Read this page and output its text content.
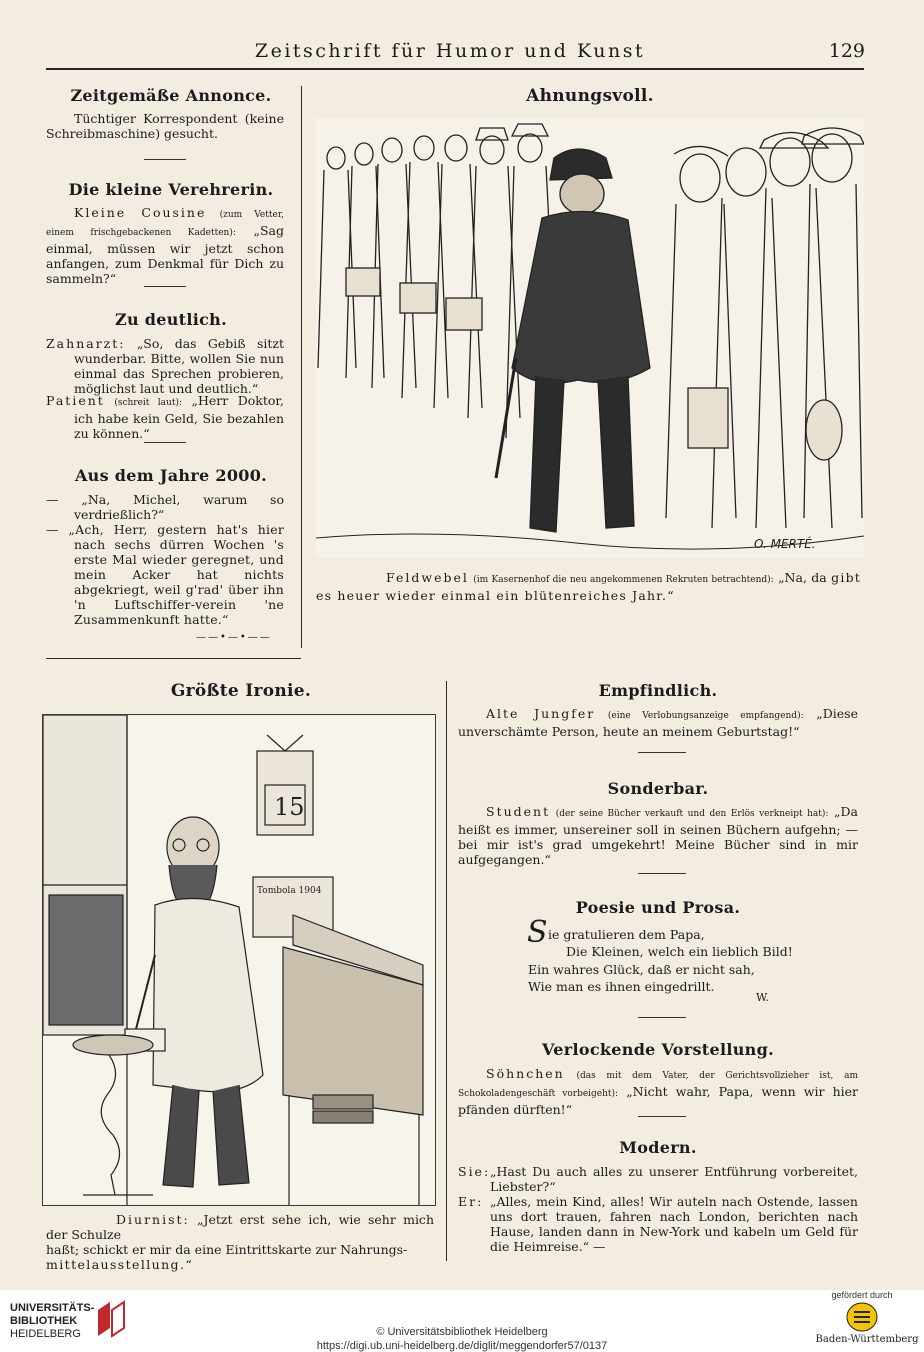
Zeitschrift für Humor und Kunst	129
Zeitgemäße Annonce.
Tüchtiger Korrespondent (keine Schreibmaschine) gesucht.
Die kleine Verehrerin.
Kleine Cousine (zum Vetter, einem frischgebackenen Kadetten): „Sag einmal, müssen wir jetzt schon anfangen, zum Denkmal für Dich zu sammeln?“
Zu deutlich.
Zahnarzt: „So, das Gebiß sitzt wunderbar. Bitte, wollen Sie nun einmal das Sprechen probieren, möglichst laut und deutlich.“
Patient (schreit laut): „Herr Doktor, ich habe kein Geld, Sie bezahlen zu können.“
Aus dem Jahre 2000.
— „Na, Michel, warum so verdrießlich?“
— „Ach, Herr, gestern hat's hier nach sechs dürren Wochen 's erste Mal wieder geregnet, und mein Acker hat nichts abgekriegt, weil g'rad' über ihn 'n Luftschiffer-verein 'ne Zusammenkunft hatte.“
Ahnungsvoll.
O. MERTÉ.
Feldwebel (im Kasernenhof die neu angekommenen Rekruten betrachtend): „Na, da gibt es heuer wieder einmal ein blütenreiches Jahr.“
——•—•——
Größte Ironie.
15
Tombola 1904
Diurnist: „Jetzt erst sehe ich, wie sehr mich der Schulze
haßt; schickt er mir da eine Eintrittskarte zur Nahrungs-
mittelausstellung.“
Empfindlich.
Alte Jungfer (eine Verlobungsanzeige empfangend): „Diese unverschämte Person, heute an meinem Geburtstag!“
Sonderbar.
Student (der seine Bücher verkauft und den Erlös verkneipt hat): „Da heißt es immer, unsereiner soll in seinen Büchern aufgehn; — bei mir ist's grad umgekehrt! Meine Bücher sind in mir aufgegangen.“
Poesie und Prosa.
S ie gratulieren dem Papa,
Die Kleinen, welch ein lieblich Bild!
Ein wahres Glück, daß er nicht sah,
Wie man es ihnen eingedrillt.
W.
Verlockende Vorstellung.
Söhnchen (das mit dem Vater, der Gerichtsvollzieher ist, am Schokoladengeschäft vorbeigeht): „Nicht wahr, Papa, wenn wir hier pfänden dürften!“
Modern.
Sie:„Hast Du auch alles zu unserer Entführung vorbereitet, Liebster?“
Er: „Alles, mein Kind, alles! Wir auteln nach Ostende, lassen uns dort trauen, fahren nach London, berichten nach Hause, landen dann in New-York und kabeln um Geld für die Heimreise.“ —
UNIVERSITÄTS-
BIBLIOTHEK
HEIDELBERG	© Universitätsbibliothek Heidelberg
https://digi.ub.uni-heidelberg.de/diglit/meggendorfer57/0137
gefördert durch
Baden-Württemberg
